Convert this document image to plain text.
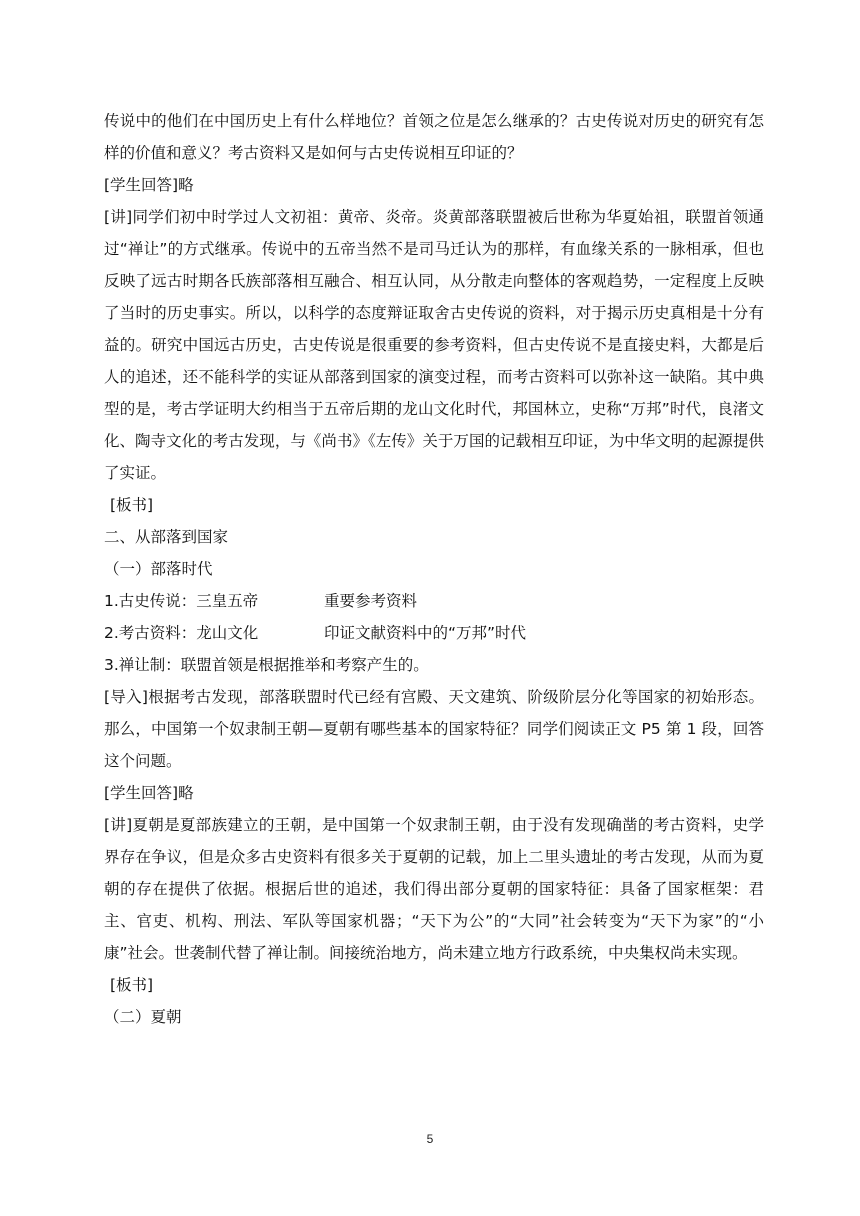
传说中的他们在中国历史上有什么样地位？首领之位是怎么继承的？古史传说对历史的研究有怎样的价值和意义？考古资料又是如何与古史传说相互印证的？

[学生回答]略

[讲]同学们初中时学过人文初祖：黄帝、炎帝。炎黄部落联盟被后世称为华夏始祖，联盟首领通过“禅让”的方式继承。传说中的五帝当然不是司马迁认为的那样，有血缘关系的一脉相承，但也反映了远古时期各氏族部落相互融合、相互认同，从分散走向整体的客观趋势，一定程度上反映了当时的历史事实。所以，以科学的态度辩证取舍古史传说的资料，对于揭示历史真相是十分有益的。研究中国远古历史，古史传说是很重要的参考资料，但古史传说不是直接史料，大都是后人的追述，还不能科学的实证从部落到国家的演变过程，而考古资料可以弥补这一缺陷。其中典型的是，考古学证明大约相当于五帝后期的龙山文化时代，邦国林立，史称“万邦”时代，良渚文化、陶寺文化的考古发现，与《尚书》《左传》关于万国的记载相互印证，为中华文明的起源提供了实证。

[板书]

二、从部落到国家

（一）部落时代

1.古史传说：三皇五帝	重要参考资料
2.考古资料：龙山文化	印证文献资料中的“万邦”时代

3.禅让制：联盟首领是根据推举和考察产生的。

[导入]根据考古发现，部落联盟时代已经有宫殿、天文建筑、阶级阶层分化等国家的初始形态。那么，中国第一个奴隶制王朝—夏朝有哪些基本的国家特征？同学们阅读正文 P5 第 1 段，回答这个问题。

[学生回答]略

[讲]夏朝是夏部族建立的王朝，是中国第一个奴隶制王朝，由于没有发现确凿的考古资料，史学界存在争议，但是众多古史资料有很多关于夏朝的记载，加上二里头遗址的考古发现，从而为夏朝的存在提供了依据。根据后世的追述，我们得出部分夏朝的国家特征：具备了国家框架：君主、官吏、机构、刑法、军队等国家机器；“天下为公”的“大同”社会转变为“天下为家”的“小康”社会。世袭制代替了禅让制。间接统治地方，尚未建立地方行政系统，中央集权尚未实现。

[板书]

（二）夏朝

5
